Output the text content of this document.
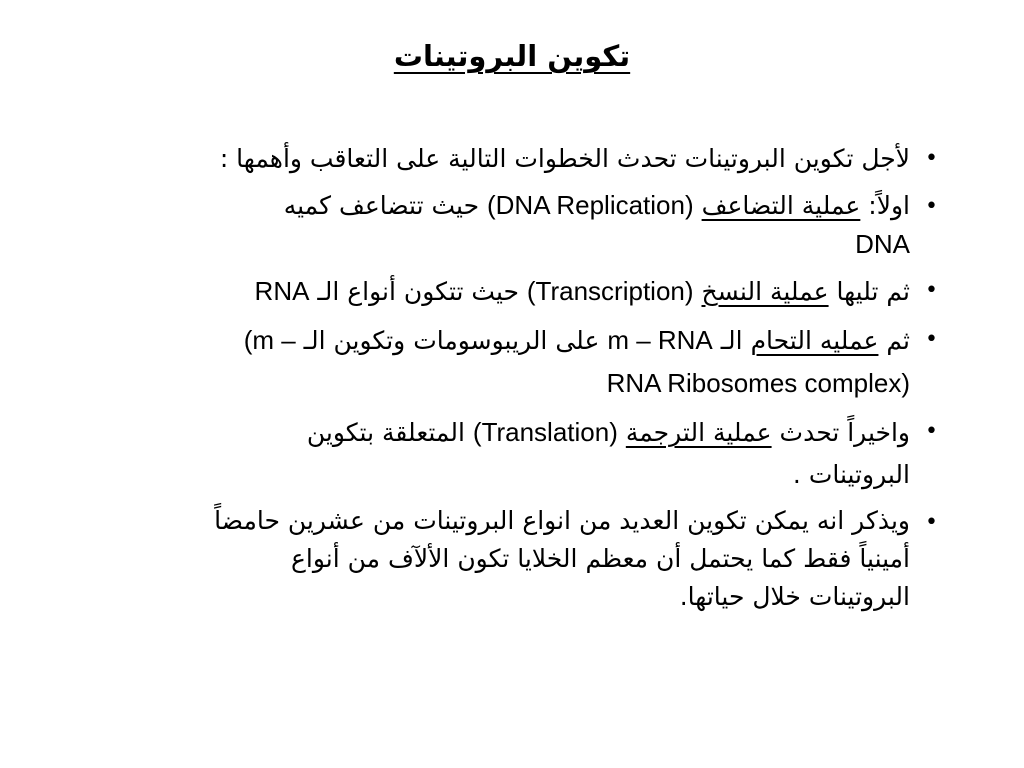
تكوين البروتينات
•
لأجل تكوين البروتينات تحدث الخطوات التالية على التعاقب وأهمها :
•
اولاً: عملية التضاعف (DNA Replication) حيث تتضاعف كميه
DNA
•
ثم تليها عملية النسخ (Transcription) حيث تتكون أنواع الـ RNA
•
ثم عمليه التحام الـ m – RNA على الريبوسومات وتكوين الـ (m –
RNA Ribosomes complex)
•
واخيراً تحدث عملية الترجمة (Translation) المتعلقة بتكوين
البروتينات .
•
ويذكر انه يمكن تكوين العديد من انواع البروتينات من عشرين حامضاً
أمينياً فقط كما يحتمل أن معظم الخلايا تكون الألآف من أنواع
البروتينات خلال حياتها.
